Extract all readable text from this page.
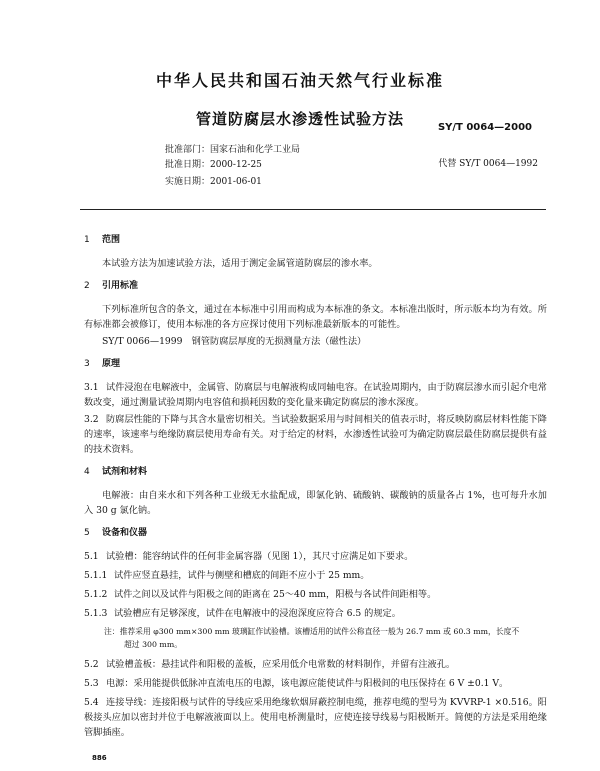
中华人民共和国石油天然气行业标准
管道防腐层水渗透性试验方法	SY/T 0064—2000
批准部门：国家石油和化学工业局
批准日期：2000-12-25
实施日期：2001-06-01
代替 SY/T 0064—1992
1 范围

本试验方法为加速试验方法，适用于测定金属管道防腐层的渗水率。

2 引用标准

下列标准所包含的条文，通过在本标准中引用而构成为本标准的条文。本标准出版时，所示版本均为有效。所有标准都会被修订，使用本标准的各方应探讨使用下列标准最新版本的可能性。

SY/T 0066—1999　钢管防腐层厚度的无损测量方法（磁性法）

3 原理

3.1 试件浸泡在电解液中，金属管、防腐层与电解液构成同轴电容。在试验周期内，由于防腐层渗水而引起介电常数改变，通过测量试验周期内电容值和损耗因数的变化量来确定防腐层的渗水深度。

3.2 防腐层性能的下降与其含水量密切相关。当试验数据采用与时间相关的值表示时，将反映防腐层材料性能下降的速率，该速率与绝缘防腐层使用寿命有关。对于给定的材料，水渗透性试验可为确定防腐层最佳防腐层提供有益的技术资料。

4 试剂和材料

电解液：由自来水和下列各种工业级无水盐配成，即氯化钠、硫酸钠、碳酸钠的质量各占 1%，也可每升水加入 30 g 氯化钠。

5 设备和仪器
5.1 试验槽：能容纳试件的任何非金属容器（见图 1），其尺寸应满足如下要求。
5.1.1 试件应竖直悬挂，试件与侧壁和槽底的间距不应小于 25 mm。
5.1.2 试件之间以及试件与阳极之间的距离在 25～40 mm，阳极与各试件间距相等。
5.1.3 试验槽应有足够深度，试件在电解液中的浸泡深度应符合 6.5 的规定。
注：推荐采用 φ300 mm×300 mm 玻璃缸作试验槽。该槽适用的试件公称直径一般为 26.7 mm 或 60.3 mm，长度不
超过 300 mm。
5.2 试验槽盖板：悬挂试件和阳极的盖板，应采用低介电常数的材料制作，并留有注液孔。

5.3 电源：采用能提供低脉冲直流电压的电源，该电源应能使试件与阳极间的电压保持在 6 V ±0.1 V。

5.4 连接导线：连接阳极与试件的导线应采用绝缘软烟屏蔽控制电缆，推荐电缆的型号为 KVVRP-1 ×0.516。阳极接头应加以密封并位于电解液液面以上。使用电桥测量时，应使连接导线易与阳极断开。简便的方法是采用绝缘管脚插座。

886
